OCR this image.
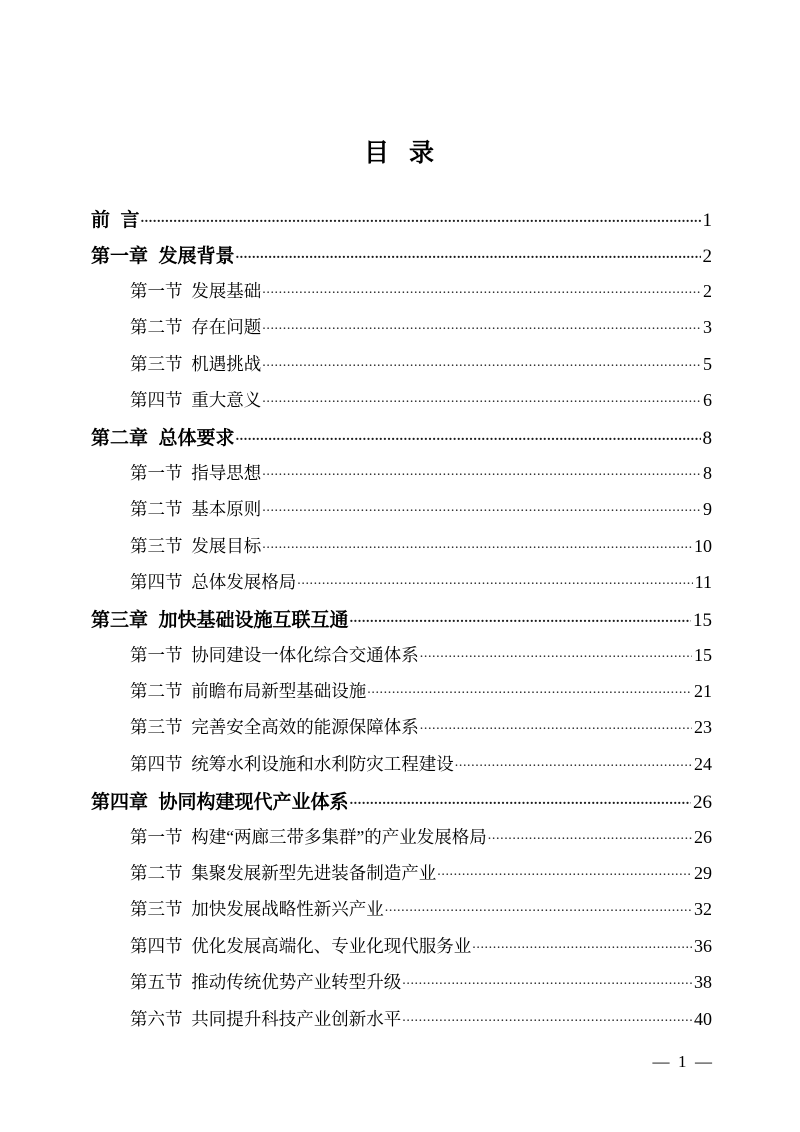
目  录
前  言 .....	1
第一章  发展背景 .....	2
第一节  发展基础 .....	2
第二节  存在问题 .....	3
第三节  机遇挑战 .....	5
第四节  重大意义 .....	6
第二章  总体要求 .....	8
第一节  指导思想 .....	8
第二节  基本原则 .....	9
第三节  发展目标 .....	10
第四节  总体发展格局 .....	11
第三章  加快基础设施互联互通 .....	15
第一节  协同建设一体化综合交通体系 .....	15
第二节  前瞻布局新型基础设施 .....	21
第三节  完善安全高效的能源保障体系 .....	23
第四节  统筹水利设施和水利防灾工程建设 .....	24
第四章  协同构建现代产业体系 .....	26
第一节  构建“两廊三带多集群”的产业发展格局 .....	26
第二节  集聚发展新型先进装备制造产业 .....	29
第三节  加快发展战略性新兴产业 .....	32
第四节  优化发展高端化、专业化现代服务业 .....	36
第五节  推动传统优势产业转型升级 .....	38
第六节  共同提升科技产业创新水平 .....	40
—  1  —
